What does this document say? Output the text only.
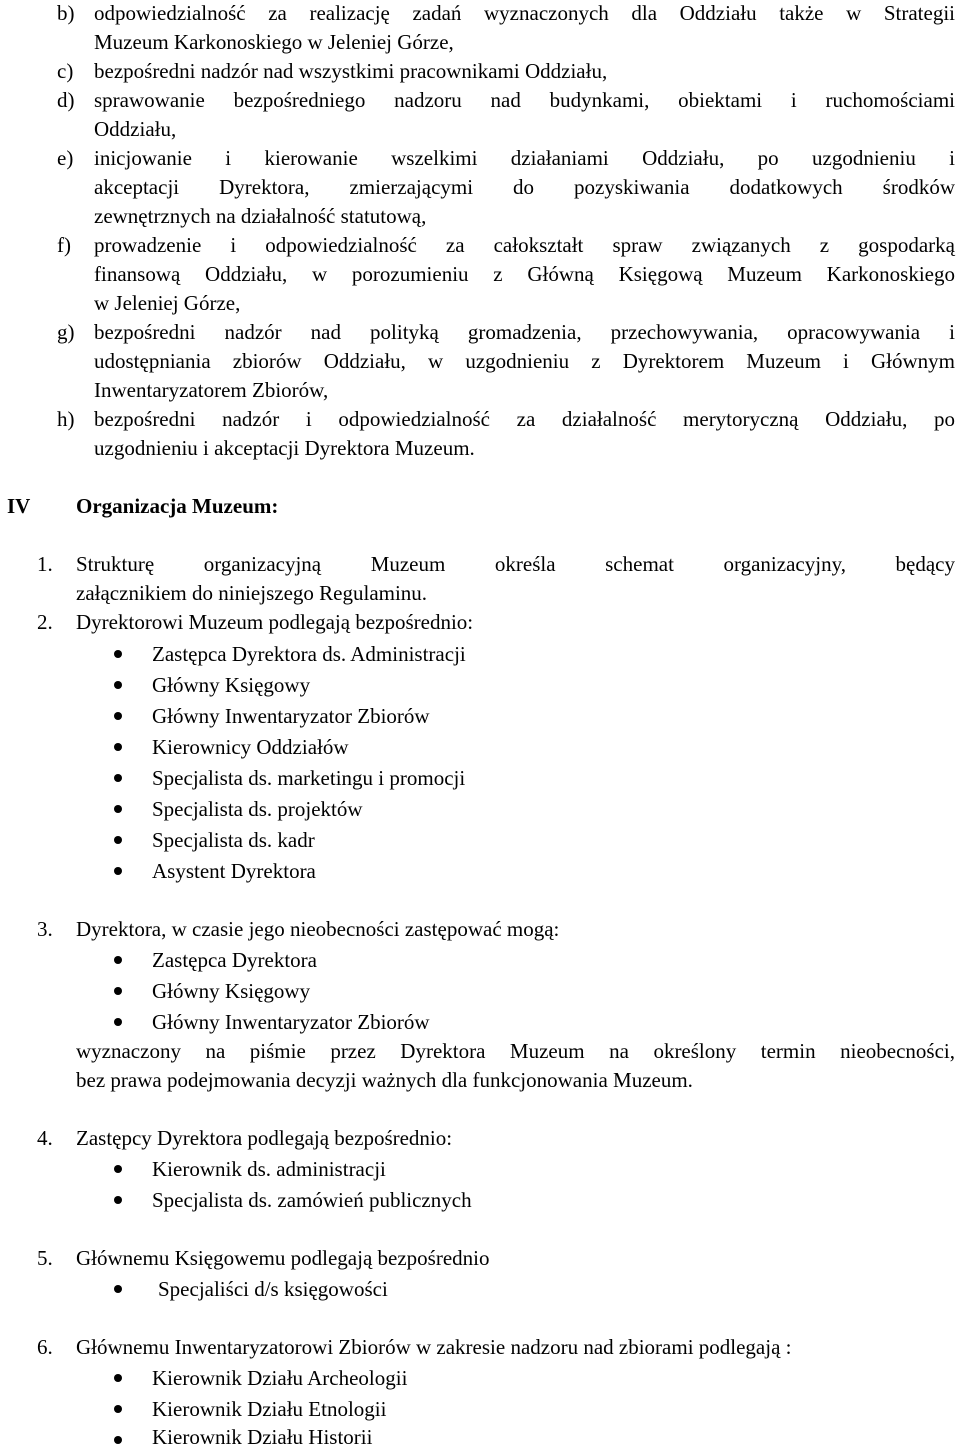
b) odpowiedzialność za realizację zadań wyznaczonych dla Oddziału także w Strategii
Muzeum Karkonoskiego w Jeleniej Górze,
c) bezpośredni nadzór nad wszystkimi pracownikami Oddziału,
d) sprawowanie bezpośredniego nadzoru nad budynkami, obiektami i ruchomościami
Oddziału,
e) inicjowanie i kierowanie wszelkimi działaniami Oddziału, po uzgodnieniu i
akceptacji Dyrektora, zmierzającymi do pozyskiwania dodatkowych środków
zewnętrznych na działalność statutową,
f) prowadzenie i odpowiedzialność za całokształt spraw związanych z gospodarką
finansową Oddziału, w porozumieniu z Główną Księgową Muzeum Karkonoskiego
w Jeleniej Górze,
g) bezpośredni nadzór nad polityką gromadzenia, przechowywania, opracowywania i
udostępniania zbiorów Oddziału, w uzgodnieniu z Dyrektorem Muzeum i Głównym
Inwentaryzatorem Zbiorów,
h) bezpośredni nadzór i odpowiedzialność za działalność merytoryczną Oddziału, po
uzgodnieniu i akceptacji Dyrektora Muzeum.
IV Organizacja Muzeum:
1. Strukturę organizacyjną Muzeum określa schemat organizacyjny, będący
załącznikiem do niniejszego Regulaminu.
2. Dyrektorowi Muzeum podlegają bezpośrednio:
Zastępca Dyrektora ds. Administracji
Główny Księgowy
Główny Inwentaryzator Zbiorów
Kierownicy Oddziałów
Specjalista ds. marketingu i promocji
Specjalista ds. projektów
Specjalista ds. kadr
Asystent Dyrektora
3. Dyrektora, w czasie jego nieobecności zastępować mogą:
Zastępca Dyrektora
Główny Księgowy
Główny Inwentaryzator Zbiorów
wyznaczony na piśmie przez Dyrektora Muzeum na określony termin nieobecności,
bez prawa podejmowania decyzji ważnych dla funkcjonowania Muzeum.
4. Zastępcy Dyrektora podlegają bezpośrednio:
Kierownik ds. administracji
Specjalista ds. zamówień publicznych
5. Głównemu Księgowemu podlegają bezpośrednio
Specjaliści d/s księgowości
6. Głównemu Inwentaryzatorowi Zbiorów w zakresie nadzoru nad zbiorami podlegają :
Kierownik Działu Archeologii
Kierownik Działu Etnologii
Kierownik Działu Historii
